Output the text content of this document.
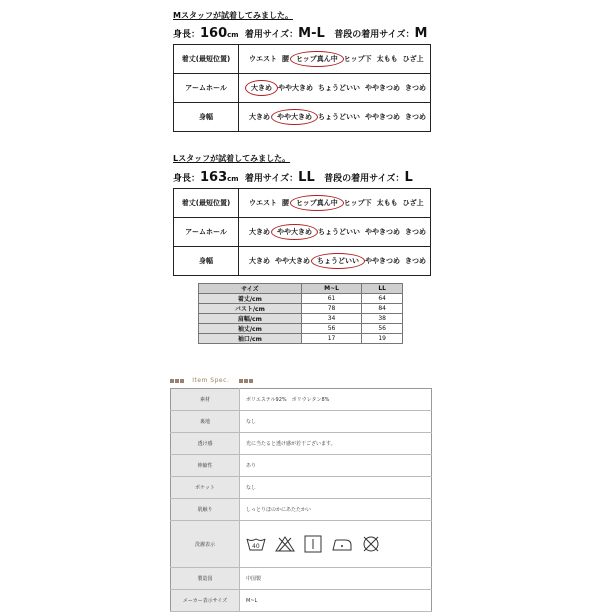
Mスタッフが試着してみました。
身長：160cm 着用サイズ：M-L 普段の着用サイズ：M
着丈(最短位置)	ウエスト 腰 ヒップ真ん中 ヒップ下 太もも ひざ上
アームホール	大きめ やや大きめ ちょうどいい ややきつめ きつめ
身幅	大きめ やや大きめ ちょうどいい ややきつめ きつめ
Lスタッフが試着してみました。
身長：163cm 着用サイズ：LL 普段の着用サイズ：L
着丈(最短位置)	ウエスト 腰 ヒップ真ん中 ヒップ下 太もも ひざ上
アームホール	大きめ やや大きめ ちょうどいい ややきつめ きつめ
身幅	大きめ やや大きめ ちょうどいい ややきつめ きつめ
サイズ	M~L	LL
着丈/cm	61	64
バスト/cm	78	84
肩幅/cm	34	38
袖丈/cm	56	56
袖口/cm	17	19
Item Spec.
素材	ポリエステル92%　ポリウレタン8%
裏地	なし
透け感	光に当たると透け感が若干ございます。
伸縮性	あり
ポケット	なし
肌触り	しっとりほのかにあたたかい
洗濯表示	40

製造国	中国製
メーカー表示サイズ	M~L
